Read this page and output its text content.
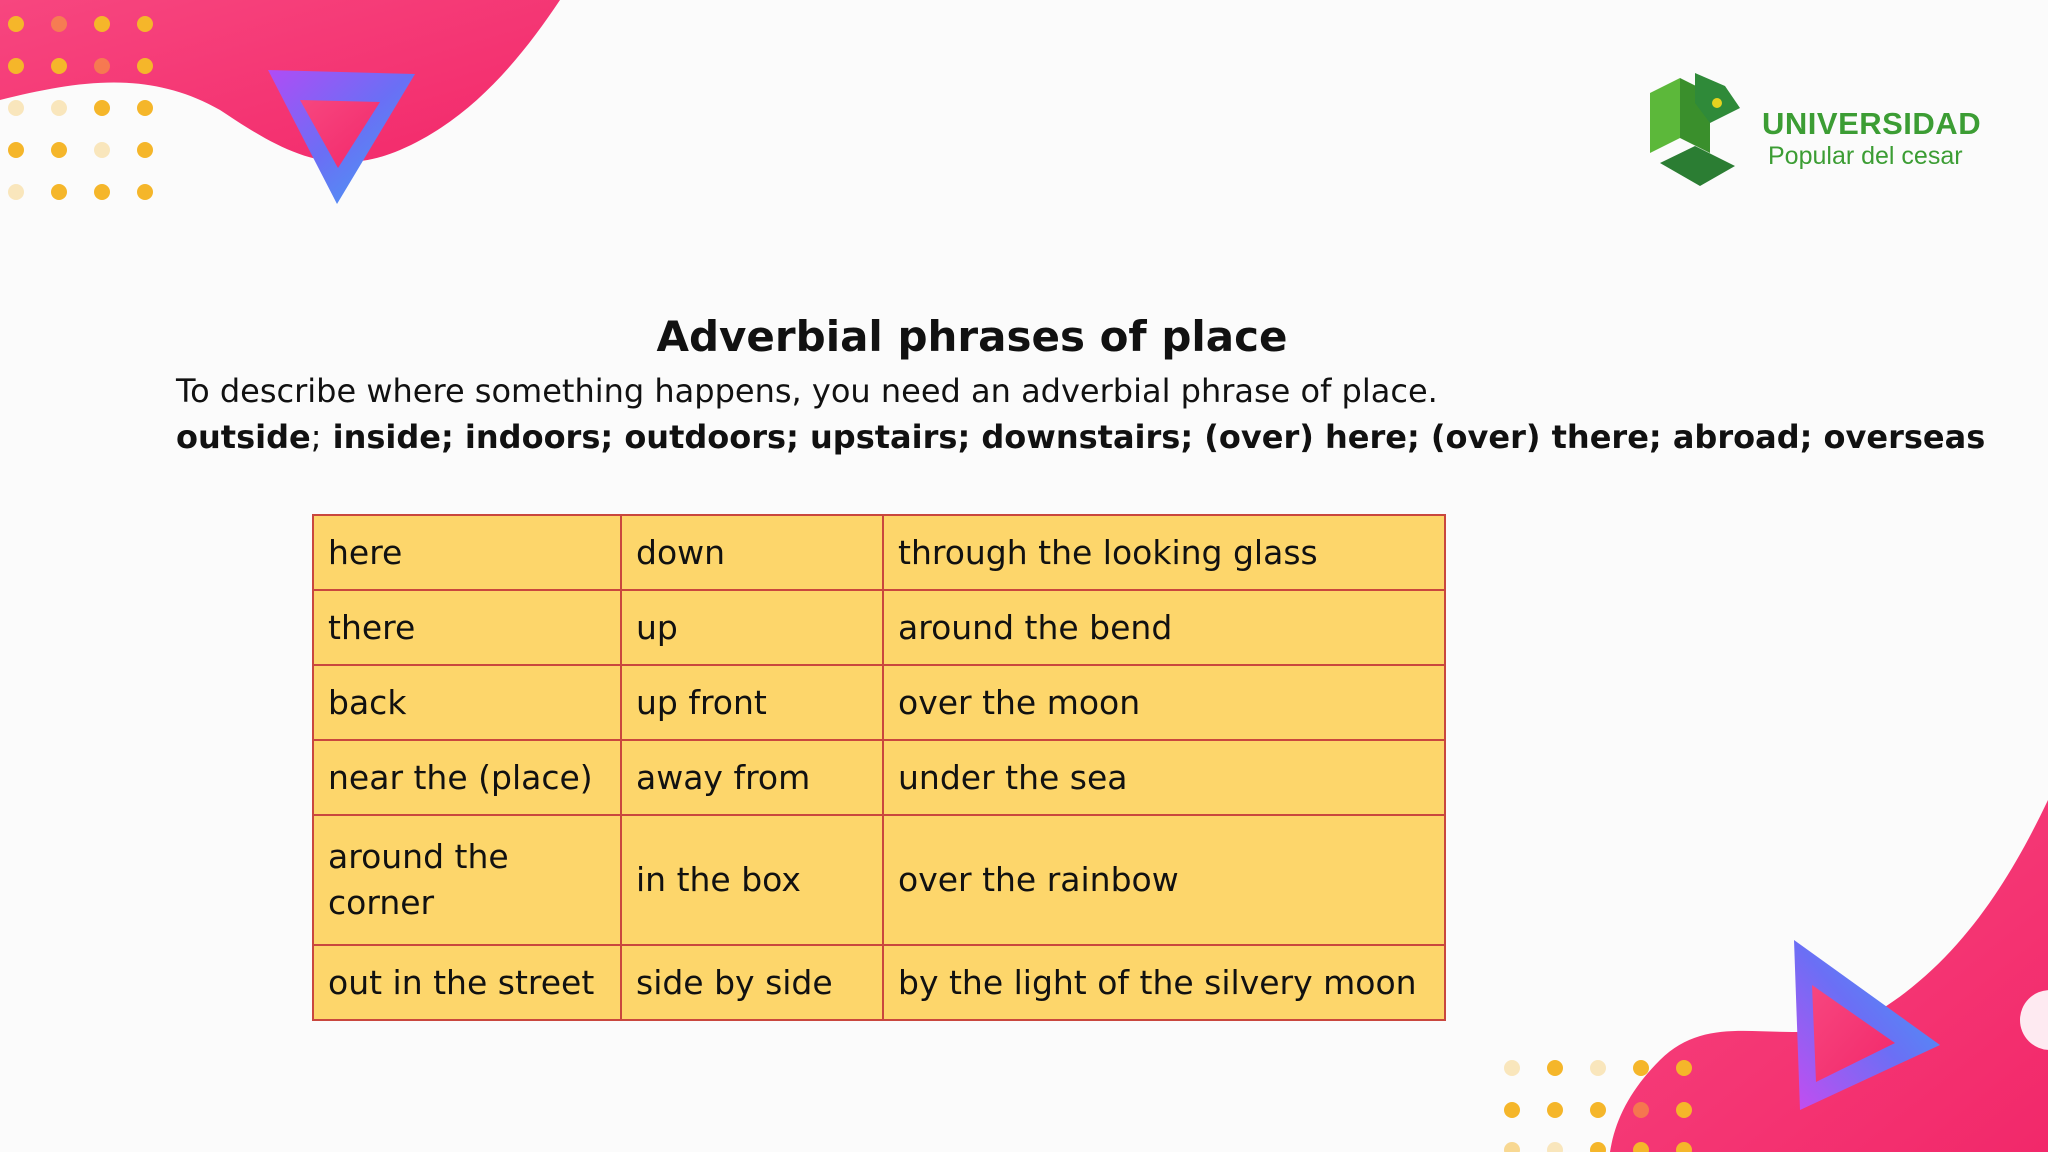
UNIVERSIDAD
Popular del cesar
Adverbial phrases of place
To describe where something happens, you need an adverbial phrase of place.
outside; inside; indoors; outdoors; upstairs; downstairs; (over) here; (over) there; abroad; overseas
here	down	through the looking glass
there	up	around the bend
back	up front	over the moon
near the (place)	away from	under the sea
around the corner	in the box	over the rainbow
out in the street	side by side	by the light of the silvery moon
